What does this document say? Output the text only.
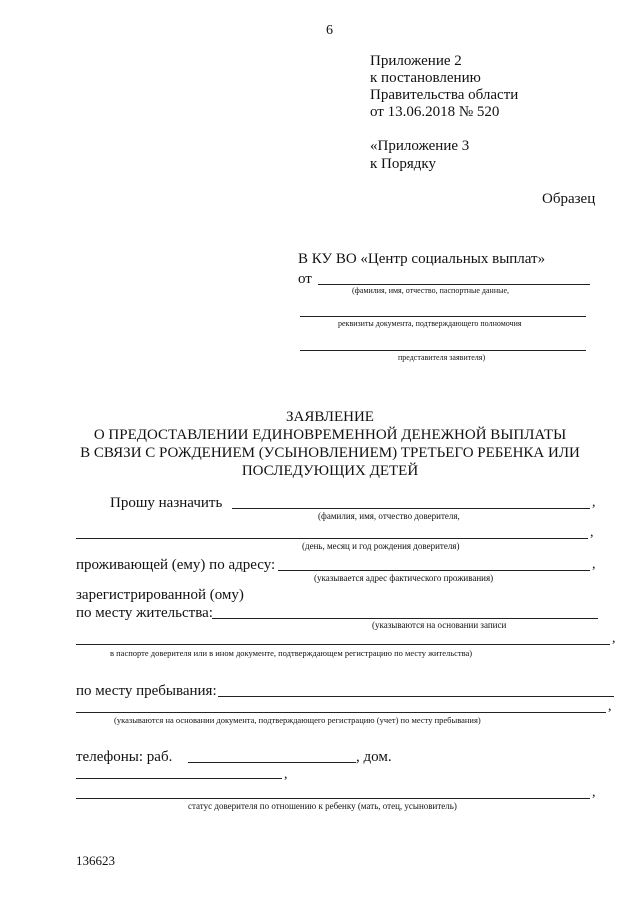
6
Приложение 2
к постановлению
Правительства области
от 13.06.2018 № 520
«Приложение 3
к Порядку
Образец
В КУ ВО «Центр социальных выплат»
от
(фамилия, имя, отчество, паспортные данные,
реквизиты документа, подтверждающего полномочия
представителя заявителя)
ЗАЯВЛЕНИЕ
О ПРЕДОСТАВЛЕНИИ ЕДИНОВРЕМЕННОЙ ДЕНЕЖНОЙ ВЫПЛАТЫ
В СВЯЗИ С РОЖДЕНИЕМ (УСЫНОВЛЕНИЕМ) ТРЕТЬЕГО РЕБЕНКА ИЛИ
ПОСЛЕДУЮЩИХ ДЕТЕЙ
Прошу назначить	,
(фамилия, имя, отчество доверителя,
,
(день, месяц и год рождения доверителя)
проживающей (ему) по адресу:	,
(указывается адрес фактического проживания)
зарегистрированной (ому)
по месту жительства:
(указываются на основании записи
,
в паспорте доверителя или в ином документе, подтверждающем регистрацию по месту жительства)
по месту пребывания:
,
(указываются на основании документа, подтверждающего регистрацию (учет) по месту пребывания)
телефоны: раб.	, дом.
,
,
статус доверителя по отношению к ребенку (мать, отец, усыновитель)
136623
